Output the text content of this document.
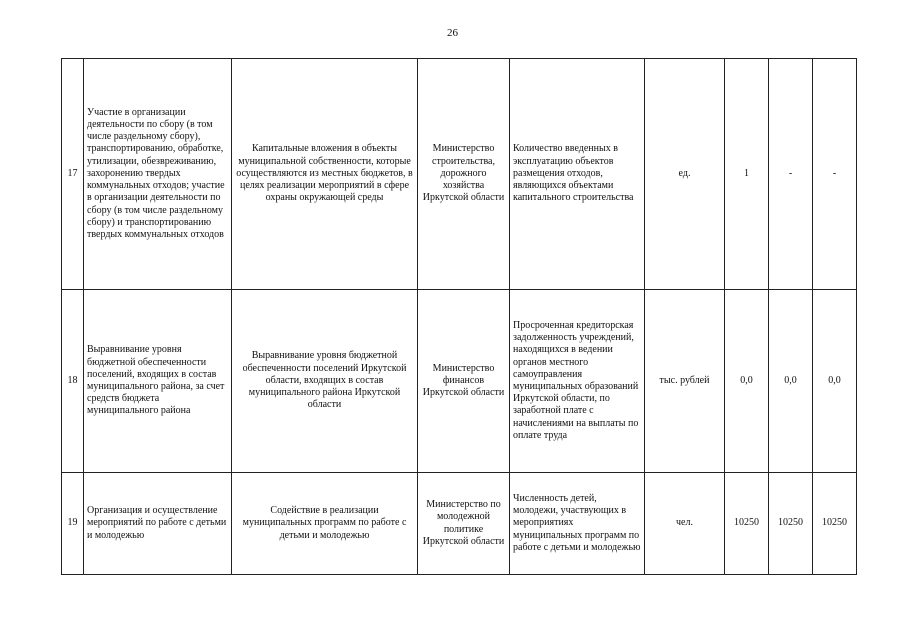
26
17	Участие в организации деятельности по сбору (в том числе раздельному сбору), транспортированию, обработке, утилизации, обезвреживанию, захоронению твердых коммунальных отходов; участие в организации деятельности по сбору (в том числе раздельному сбору) и транспортированию твердых коммунальных отходов	Капитальные вложения в объекты муниципальной собственности, которые осуществляются из местных бюджетов, в целях реализации мероприятий в сфере охраны окружающей среды	Министерство строительства, дорожного хозяйства Иркутской области	Количество введенных в эксплуатацию объектов размещения отходов, являющихся объектами капитального строительства	ед.	1	-	-
18	Выравнивание уровня бюджетной обеспеченности поселений, входящих в состав муниципального района, за счет средств бюджета муниципального района	Выравнивание уровня бюджетной обеспеченности поселений Иркутской области, входящих в состав муниципального района Иркутской области	Министерство финансов Иркутской области	Просроченная кредиторская задолженность учреждений, находящихся в ведении органов местного самоуправления муниципальных образований Иркутской области, по заработной плате с начислениями на выплаты по оплате труда	тыс. рублей	0,0	0,0	0,0
19	Организация и осуществление мероприятий по работе с детьми и молодежью	Содействие в реализации муниципальных программ по работе с детьми и молодежью	Министерство по молодежной политике Иркутской области	Численность детей, молодежи, участвующих в мероприятиях муниципальных программ по работе с детьми и молодежью	чел.	10250	10250	10250
